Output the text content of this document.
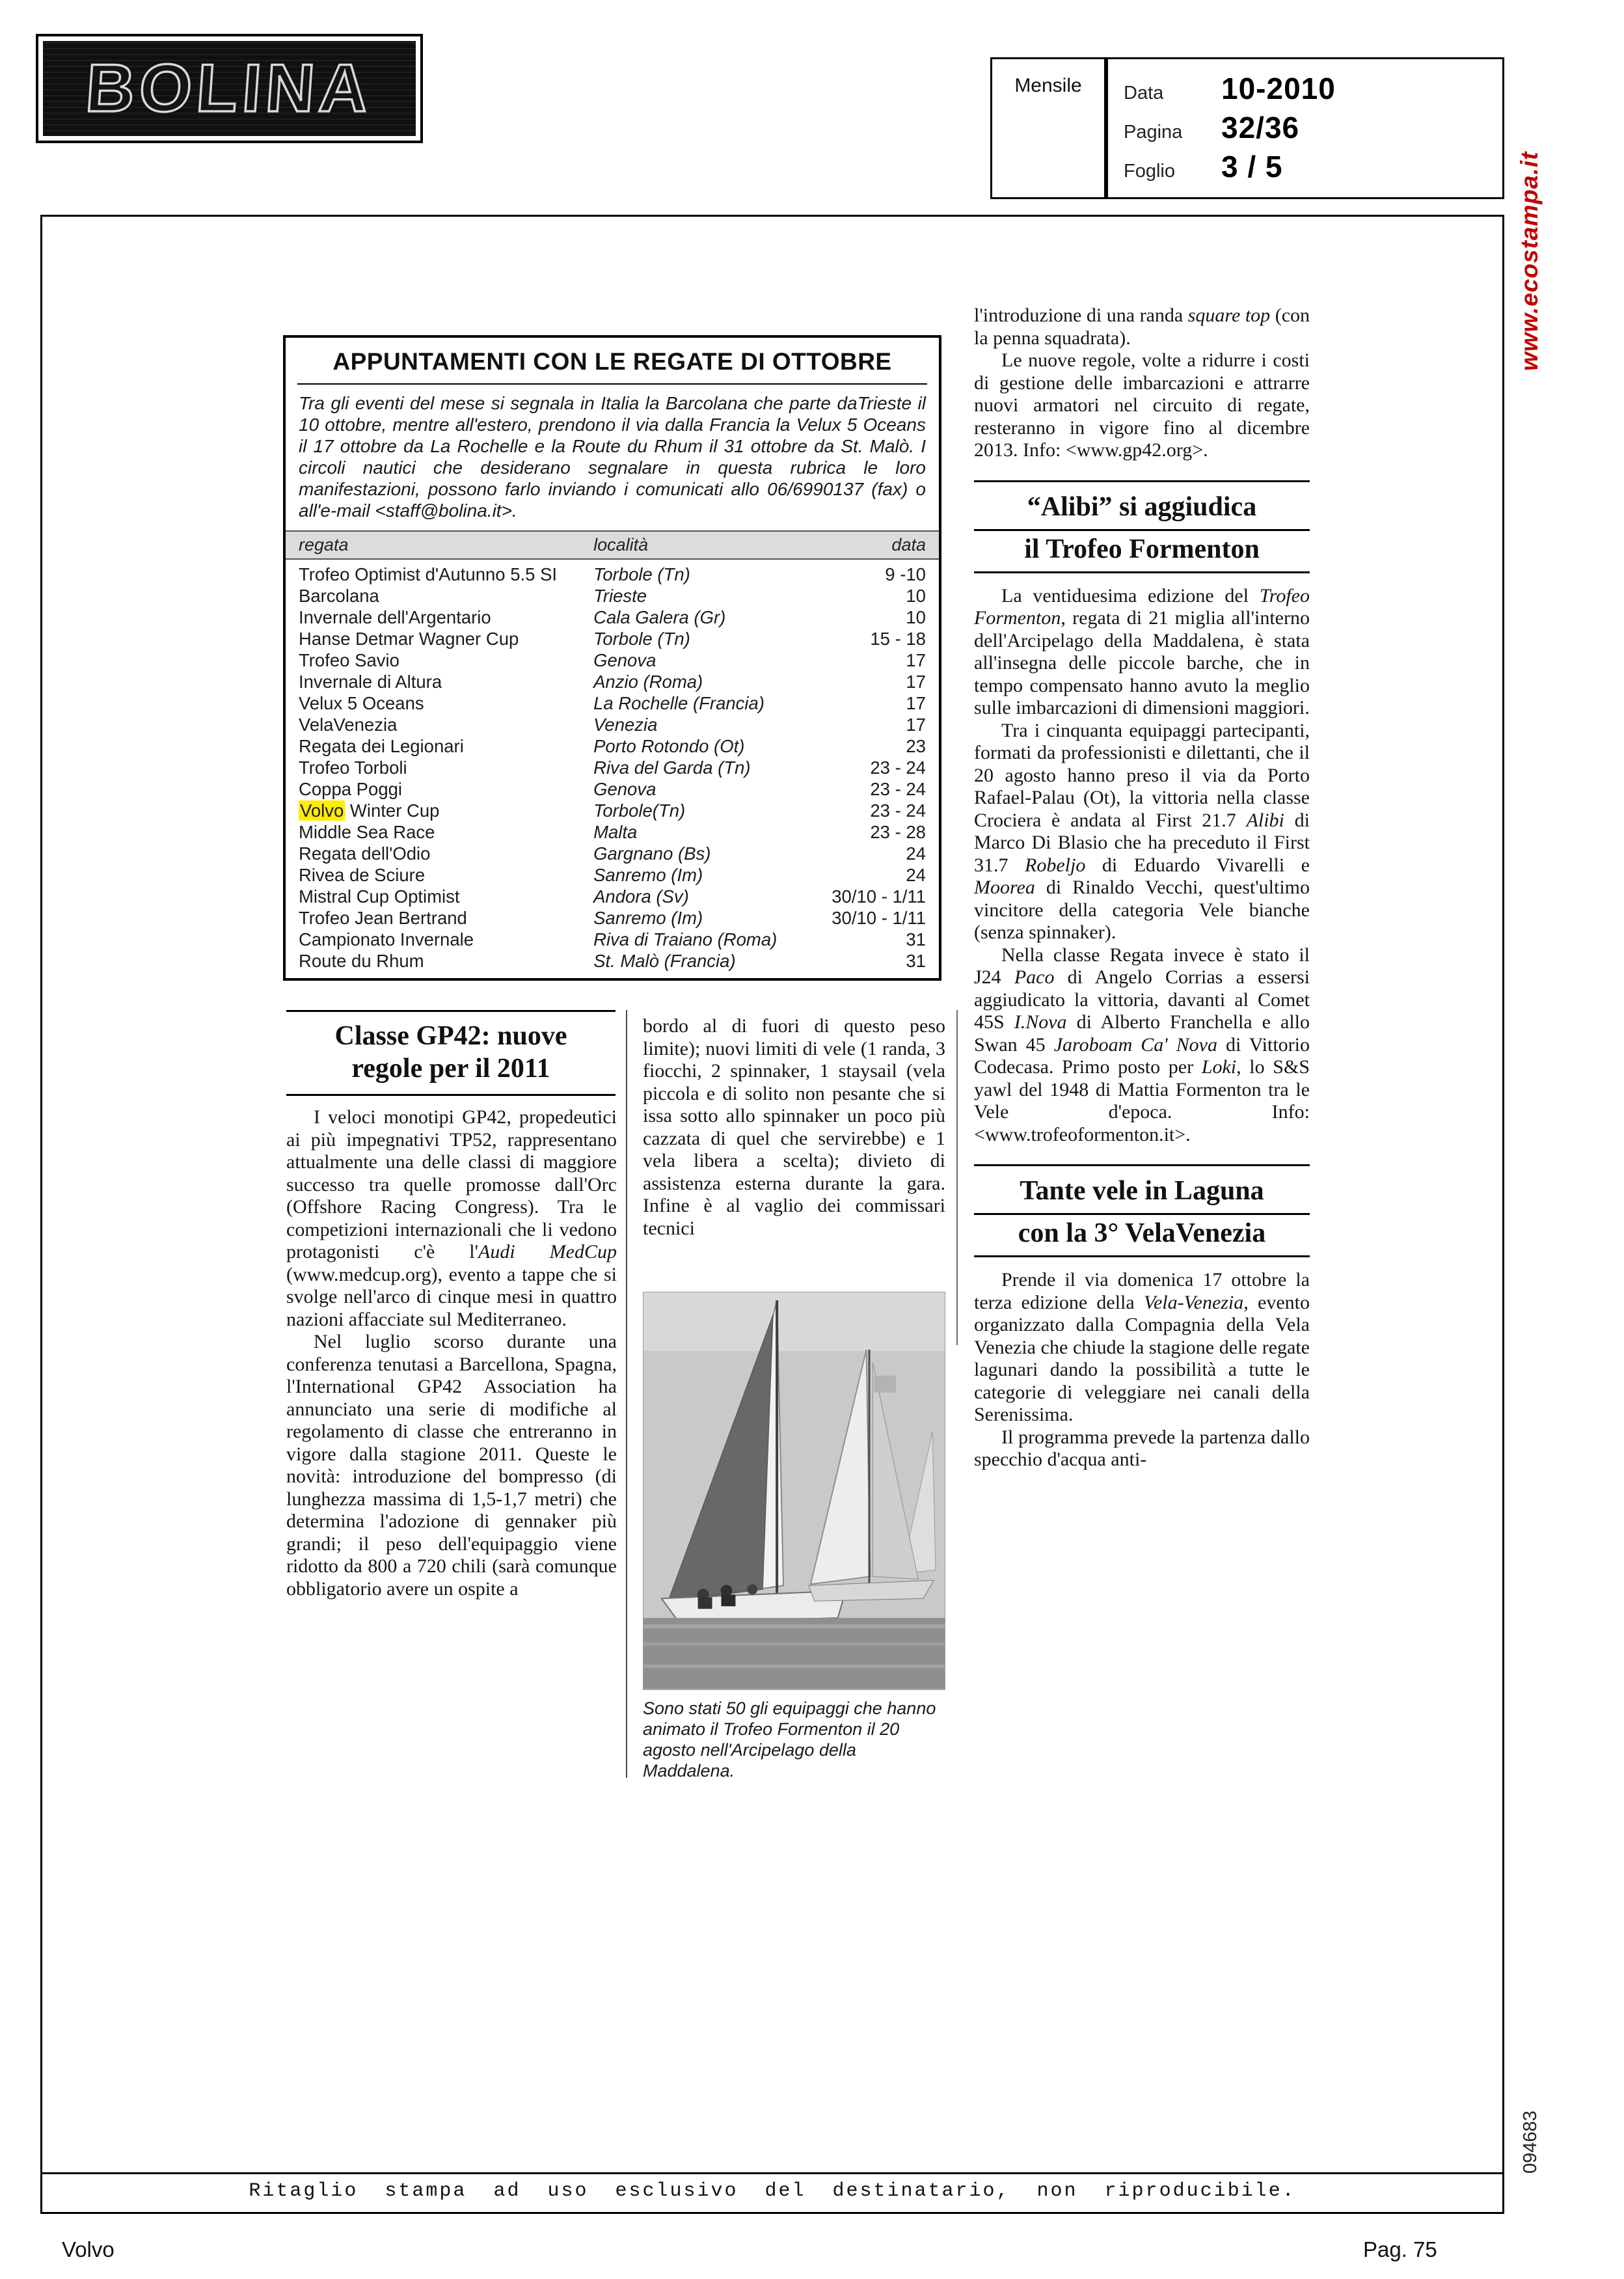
BOLINA	Mensile	Data	10-2010
Pagina	32/36
Foglio	3 / 5	www.ecostampa.it
094683
APPUNTAMENTI CON LE REGATE DI OTTOBRE
Tra gli eventi del mese si segnala in Italia la Barcolana che parte daTrieste il 10 ottobre, mentre all'estero, prendono il via dalla Francia la Velux 5 Oceans il 17 ottobre da La Rochelle e la Route du Rhum il 31 ottobre da St. Malò. I circoli nautici che desiderano segnalare in questa rubrica le loro manifestazioni, possono farlo inviando i comunicati allo 06/6990137 (fax) o all'e-mail <staff@bolina.it>.
regata	località	data
Trofeo Optimist d'Autunno 5.5 SI	Torbole (Tn)	9 -10
Barcolana	Trieste	10
Invernale dell'Argentario	Cala Galera (Gr)	10
Hanse Detmar Wagner Cup	Torbole (Tn)	15 - 18
Trofeo Savio	Genova	17
Invernale di Altura	Anzio (Roma)	17
Velux 5 Oceans	La Rochelle (Francia)	17
VelaVenezia	Venezia	17
Regata dei Legionari	Porto Rotondo (Ot)	23
Trofeo Torboli	Riva del Garda (Tn)	23 - 24
Coppa Poggi	Genova	23 - 24
Volvo Winter Cup	Torbole(Tn)	23 - 24
Middle Sea Race	Malta	23 - 28
Regata dell'Odio	Gargnano (Bs)	24
Rivea de Sciure	Sanremo (Im)	24
Mistral Cup Optimist	Andora (Sv)	30/10 - 1/11
Trofeo Jean Bertrand	Sanremo (Im)	30/10 - 1/11
Campionato Invernale	Riva di Traiano (Roma)	31
Route du Rhum	St. Malò (Francia)	31
Classe GP42: nuove
regole per il 2011

I veloci monotipi GP42, propedeutici ai più impegnativi TP52, rappresentano attualmente una delle classi di maggiore successo tra quelle promosse dall'Orc (Offshore Racing Congress). Tra le competizioni internazionali che li vedono protagonisti c'è l'Audi MedCup (www.medcup.org), evento a tappe che si svolge nell'arco di cinque mesi in quattro nazioni affacciate sul Mediterraneo.

Nel luglio scorso durante una conferenza tenutasi a Barcellona, Spagna, l'International GP42 Association ha annunciato una serie di modifiche al regolamento di classe che entreranno in vigore dalla stagione 2011. Queste le novità: introduzione del bompresso (di lunghezza massima di 1,5-1,7 metri) che determina l'adozione di gennaker più grandi; il peso dell'equipaggio viene ridotto da 800 a 720 chili (sarà comunque obbligatorio avere un ospite a

bordo al di fuori di questo peso limite); nuovi limiti di vele (1 randa, 3 fiocchi, 2 spinnaker, 1 staysail (vela piccola e di solito non pesante che si issa sotto allo spinnaker un poco più cazzata di quel che servirebbe) e 1 vela libera a scelta); divieto di assistenza esterna durante la gara. Infine è al vaglio dei commissari tecnici

Sono stati 50 gli equipaggi che hanno animato il Trofeo Formenton il 20 agosto nell'Arcipelago della Maddalena.

l'introduzione di una randa square top (con la penna squadrata).

Le nuove regole, volte a ridurre i costi di gestione delle imbarcazioni e attrarre nuovi armatori nel circuito di regate, resteranno in vigore fino al dicembre 2013. Info: <www.gp42.org>.

“Alibi” si aggiudica
il Trofeo Formenton

La ventiduesima edizione del Trofeo Formenton, regata di 21 miglia all'interno dell'Arcipelago della Maddalena, è stata all'insegna delle piccole barche, che in tempo compensato hanno avuto la meglio sulle imbarcazioni di dimensioni maggiori.

Tra i cinquanta equipaggi partecipanti, formati da professionisti e dilettanti, che il 20 agosto hanno preso il via da Porto Rafael-Palau (Ot), la vittoria nella classe Crociera è andata al First 21.7 Alibi di Marco Di Blasio che ha preceduto il First 31.7 Robeljo di Eduardo Vivarelli e Moorea di Rinaldo Vecchi, quest'ultimo vincitore della categoria Vele bianche (senza spinnaker).

Nella classe Regata invece è stato il J24 Paco di Angelo Corrias a essersi aggiudicato la vittoria, davanti al Comet 45S I.Nova di Alberto Franchella e allo Swan 45 Jaroboam Ca' Nova di Vittorio Codecasa. Primo posto per Loki, lo S&S yawl del 1948 di Mattia Formenton tra le Vele d'epoca. Info: <www.trofeoformenton.it>.

Tante vele in Laguna
con la 3° VelaVenezia

Prende il via domenica 17 ottobre la terza edizione della Vela-Venezia, evento organizzato dalla Compagnia della Vela Venezia che chiude la stagione delle regate lagunari dando la possibilità a tutte le categorie di veleggiare nei canali della Serenissima.

Il programma prevede la partenza dallo specchio d'acqua anti-

Ritaglio stampa ad uso esclusivo del destinatario, non riproducibile.
Volvo	Pag. 75
